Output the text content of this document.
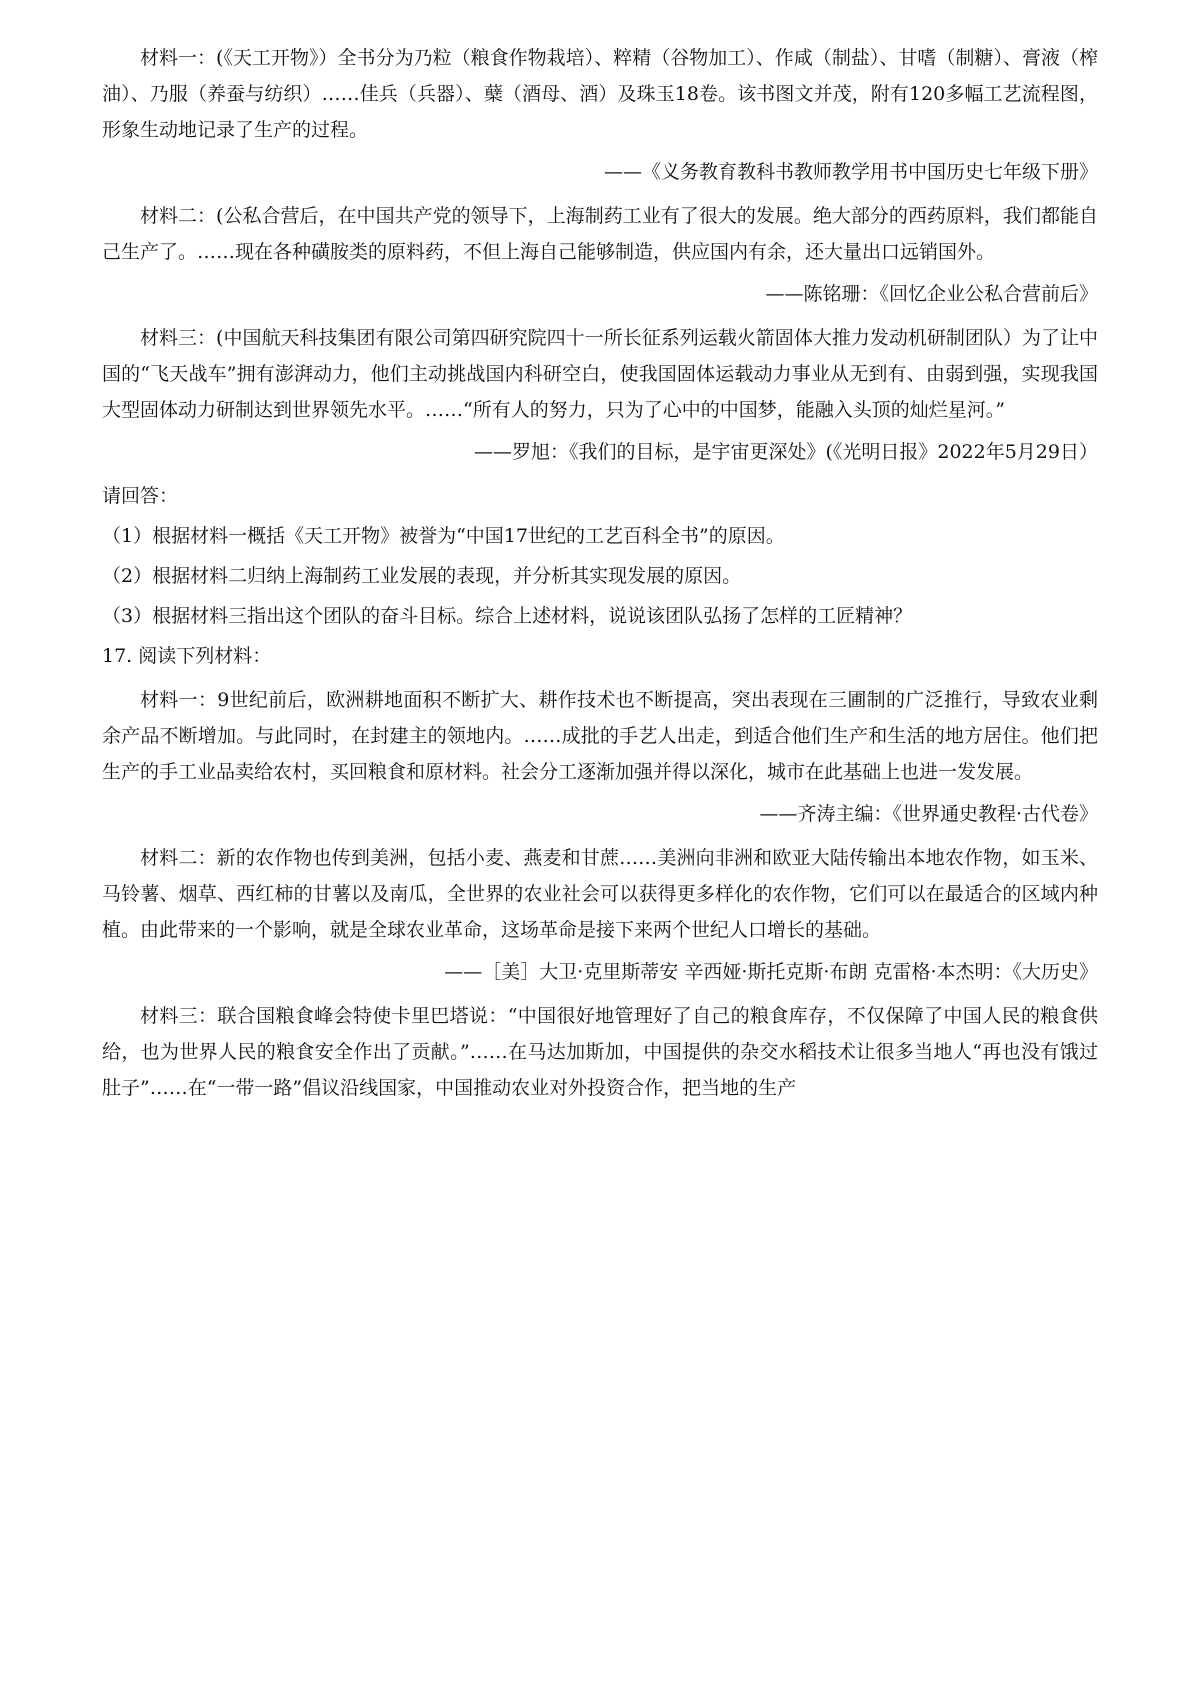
材料一：(《天工开物》）全书分为乃粒（粮食作物栽培）、粹精（谷物加工）、作咸（制盐）、甘嗜（制糖）、膏液（榨油）、乃服（养蚕与纺织）……佳兵（兵器）、蘖（酒母、酒）及珠玉18卷。该书图文并茂，附有120多幅工艺流程图，形象生动地记录了生产的过程。

——《义务教育教科书教师教学用书中国历史七年级下册》

材料二：(公私合营后，在中国共产党的领导下，上海制药工业有了很大的发展。绝大部分的西药原料，我们都能自己生产了。……现在各种磺胺类的原料药，不但上海自己能够制造，供应国内有余，还大量出口远销国外。

——陈铭珊：《回忆企业公私合营前后》

材料三：(中国航天科技集团有限公司第四研究院四十一所长征系列运载火箭固体大推力发动机研制团队）为了让中国的“飞天战车”拥有澎湃动力，他们主动挑战国内科研空白，使我国固体运载动力事业从无到有、由弱到强，实现我国大型固体动力研制达到世界领先水平。……“所有人的努力，只为了心中的中国梦，能融入头顶的灿烂星河。”

——罗旭：《我们的目标，是宇宙更深处》(《光明日报》2022年5月29日）

请回答：

（1）根据材料一概括《天工开物》被誉为“中国17世纪的工艺百科全书”的原因。

（2）根据材料二归纳上海制药工业发展的表现，并分析其实现发展的原因。

（3）根据材料三指出这个团队的奋斗目标。综合上述材料，说说该团队弘扬了怎样的工匠精神？

17. 阅读下列材料：

材料一：9世纪前后，欧洲耕地面积不断扩大、耕作技术也不断提高，突出表现在三圃制的广泛推行，导致农业剩余产品不断增加。与此同时，在封建主的领地内。……成批的手艺人出走，到适合他们生产和生活的地方居住。他们把生产的手工业品卖给农村，买回粮食和原材料。社会分工逐渐加强并得以深化，城市在此基础上也进一发发展。

——齐涛主编：《世界通史教程·古代卷》

材料二：新的农作物也传到美洲，包括小麦、燕麦和甘蔗……美洲向非洲和欧亚大陆传输出本地农作物，如玉米、马铃薯、烟草、西红柿的甘薯以及南瓜，全世界的农业社会可以获得更多样化的农作物，它们可以在最适合的区域内种植。由此带来的一个影响，就是全球农业革命，这场革命是接下来两个世纪人口增长的基础。

——［美］大卫·克里斯蒂安 辛西娅·斯托克斯·布朗 克雷格·本杰明：《大历史》

材料三：联合国粮食峰会特使卡里巴塔说：“中国很好地管理好了自己的粮食库存，不仅保障了中国人民的粮食供给，也为世界人民的粮食安全作出了贡献。”……在马达加斯加，中国提供的杂交水稻技术让很多当地人“再也没有饿过肚子”……在“一带一路”倡议沿线国家，中国推动农业对外投资合作，把当地的生产
